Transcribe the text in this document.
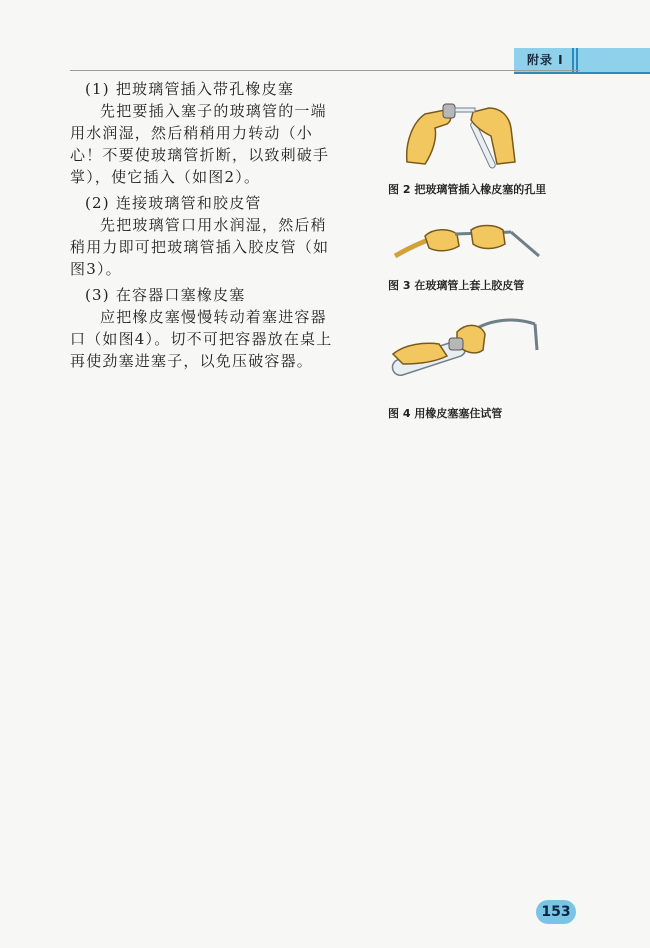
附录 I

(1) 把玻璃管插入带孔橡皮塞

先把要插入塞子的玻璃管的一端用水润湿，然后稍稍用力转动（小心！不要使玻璃管折断，以致刺破手掌），使它插入（如图2）。

(2) 连接玻璃管和胶皮管

先把玻璃管口用水润湿，然后稍稍用力即可把玻璃管插入胶皮管（如图3）。

(3) 在容器口塞橡皮塞

应把橡皮塞慢慢转动着塞进容器口（如图4）。切不可把容器放在桌上再使劲塞进塞子，以免压破容器。

图 2 把玻璃管插入橡皮塞的孔里
图 3 在玻璃管上套上胶皮管
图 4 用橡皮塞塞住试管
153
